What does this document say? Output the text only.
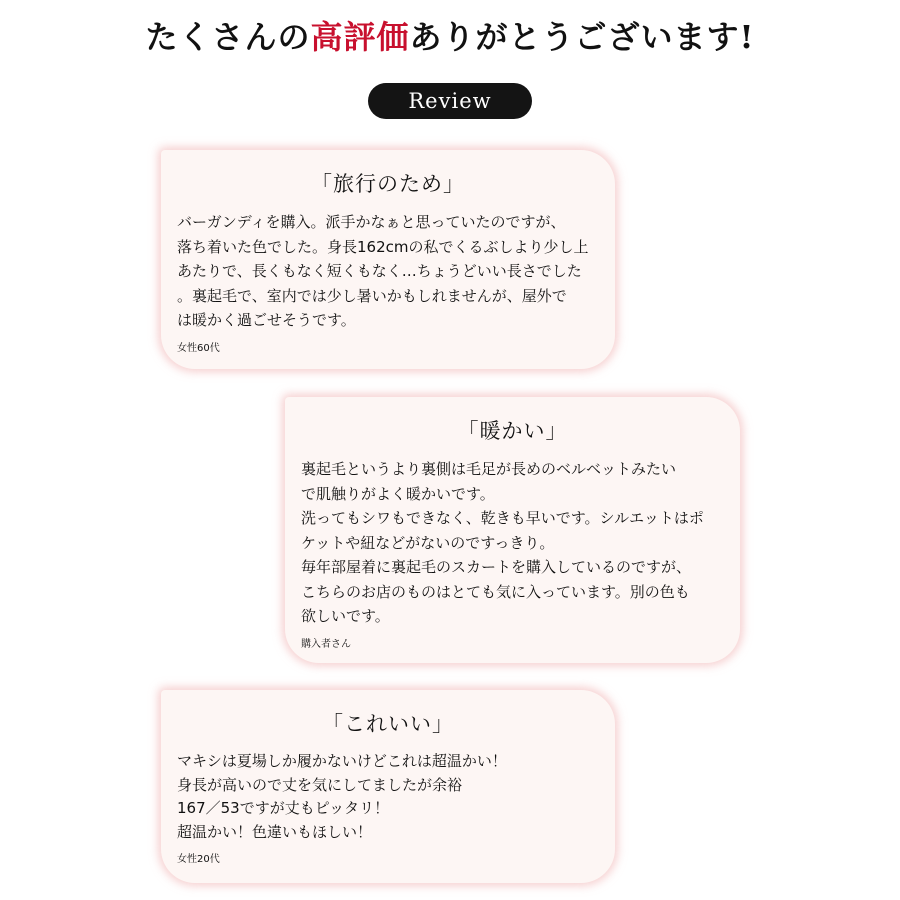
たくさんの高評価ありがとうございます!
Review
「旅行のため」
バーガンディを購入。派手かなぁと思っていたのですが、
落ち着いた色でした。身長162cmの私でくるぶしより少し上
あたりで、長くもなく短くもなく…ちょうどいい長さでした
。裏起毛で、室内では少し暑いかもしれませんが、屋外で
は暖かく過ごせそうです。
女性60代
「暖かい」
裏起毛というより裏側は毛足が長めのベルベットみたい
で肌触りがよく暖かいです。
洗ってもシワもできなく、乾きも早いです。シルエットはポ
ケットや紐などがないのですっきり。
毎年部屋着に裏起毛のスカートを購入しているのですが、
こちらのお店のものはとても気に入っています。別の色も
欲しいです。
購入者さん
「これいい」
マキシは夏場しか履かないけどこれは超温かい！
身長が高いので丈を気にしてましたが余裕
167／53ですが丈もピッタリ！
超温かい！色違いもほしい！
女性20代
